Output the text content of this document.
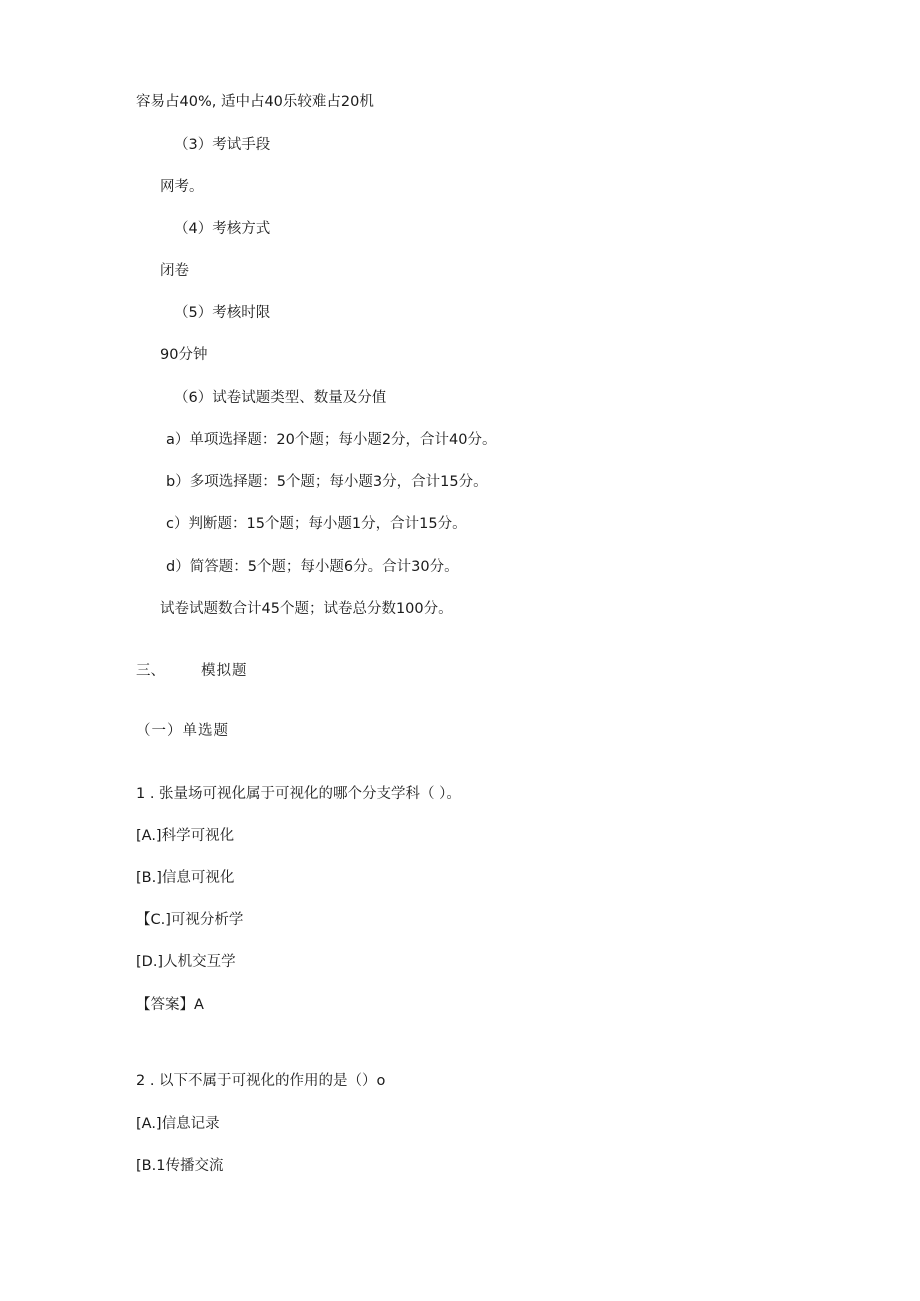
容易占40%, 适中占40乐较难占20机
（3）考试手段
网考。
（4）考核方式
闭卷
（5）考核时限
90分钟
（6）试卷试题类型、数量及分值
a）单项选择题：20个题；每小题2分，合计40分。
b）多项选择题：5个题；每小题3分，合计15分。
c）判断题：15个题；每小题1分，合计15分。
d）简答题：5个题；每小题6分。合计30分。
试卷试题数合计45个题；试卷总分数100分。
三、 模拟题
（一）单选题
1 . 张量场可视化属于可视化的哪个分支学科（ ）。
[A.]科学可视化
[B.]信息可视化
【C.]可视分析学
[D.]人机交互学
【答案】A
2 . 以下不属于可视化的作用的是（）o
[A.]信息记录
[B.1传播交流
